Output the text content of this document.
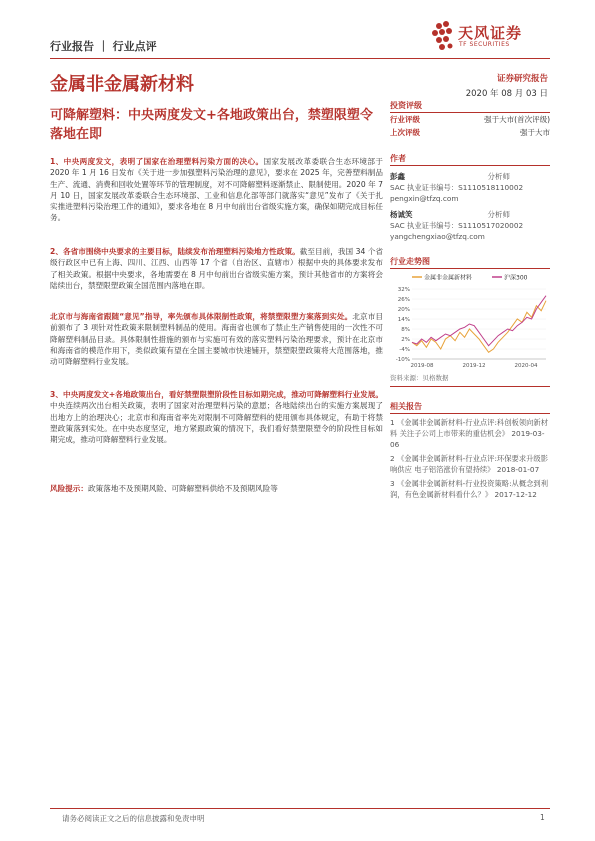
行业报告 ｜ 行业点评
天风证券
TF SECURITIES
金属非金属新材料	证券研究报告
2020 年 08 月 03 日
可降解塑料：中央两度发文+各地政策出台，禁塑限塑令落地在即
1、中央两度发文，表明了国家在治理塑料污染方面的决心。国家发展改革委联合生态环境部于 2020 年 1 月 16 日发布《关于进一步加强塑料污染治理的意见》，要求在 2025 年，完善塑料制品生产、流通、消费和回收处置等环节的管理制度，对不可降解塑料逐渐禁止、限制使用。2020 年 7 月 10 日，国家发展改革委联合生态环境部、工业和信息化部等部门就落实“意见”发布了《关于扎实推进塑料污染治理工作的通知》，要求各地在 8 月中旬前出台省级实施方案，确保如期完成目标任务。
2、各省市围绕中央要求的主要目标，陆续发布治理塑料污染地方性政策。截至目前，我国 34 个省级行政区中已有上海、四川、江西、山西等 17 个省（自治区、直辖市）根据中央的具体要求发布了相关政策。根据中央要求，各地需要在 8 月中旬前出台省级实施方案，预计其他省市的方案将会陆续出台，禁塑限塑政策全国范围内落地在即。
北京市与海南省跟随“意见”指导，率先颁布具体限制性政策，将禁塑限塑方案落到实处。北京市目前颁布了 3 项针对性政策来限制塑料制品的使用。海南省也颁布了禁止生产销售使用的一次性不可降解塑料制品目录。具体限制性措施的颁布与实施可有效的落实塑料污染治理要求，预计在北京市和海南省的模范作用下，类似政策有望在全国主要城市快速铺开，禁塑限塑政策将大范围落地，推动可降解塑料行业发展。
3、中央两度发文+各地政策出台，看好禁塑限塑阶段性目标如期完成，推动可降解塑料行业发展。中央连续两次出台相关政策，表明了国家对治理塑料污染的意愿；各地陆续出台的实施方案展现了出地方上的治理决心；北京市和海南省率先对限制不可降解塑料的使用颁布具体规定，有助于将禁塑政策落到实处。在中央态度坚定，地方紧跟政策的情况下，我们看好禁塑限塑令的阶段性目标如期完成，推动可降解塑料行业发展。
风险提示：政策落地不及预期风险、可降解塑料供给不及预期风险等
投资评级
行业评级	强于大市(首次评级)
上次评级	强于大市
作者
彭鑫	分析师
SAC 执业证书编号：S1110518110002
pengxin@tfzq.com
杨诚笑	分析师
SAC 执业证书编号：S1110517020002
yangchengxiao@tfzq.com
行业走势图
金属非金属新材料	沪深300
32%
26%
20%
14%
8%
2%
-4%
-10%
2019-08	2019-12	2020-04
资料来源：贝格数据
相关报告
1 《金属非金属新材料-行业点评:科创板领向新材料 关注子公司上市带来的重估机会》 2019-03-06
2 《金属非金属新材料-行业点评:环保要求升级影响供应 电子铝箔涨价有望持续》 2018-01-07
3 《金属非金属新材料-行业投资策略:从概念到利润，有色金属新材料看什么？》 2017-12-12
请务必阅读正文之后的信息披露和免责申明	1
